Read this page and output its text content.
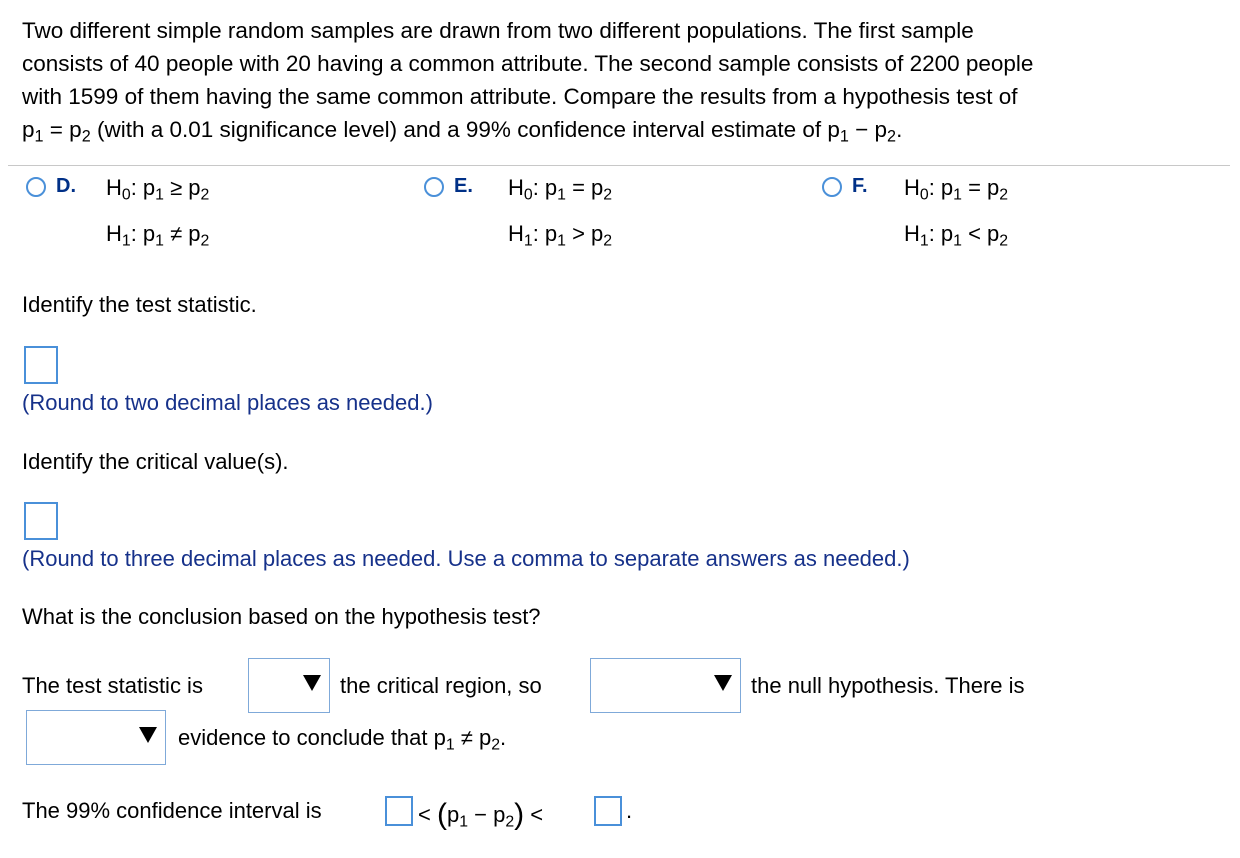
Two different simple random samples are drawn from two different populations. The first sample
consists of 40 people with 20 having a common attribute. The second sample consists of 2200 people
with 1599 of them having the same common attribute. Compare the results from a hypothesis test of
$p_1 = p_2$ (with a 0.01 significance level) and a 99% confidence interval estimate of $p_1 - p_2$.
D. $H_0$: $p_1 \ge p_2$
$H_1$: $p_1 \ne p_2$
E. $H_0$: $p_1 = p_2$
$H_1$: $p_1 > p_2$
F. $H_0$: $p_1 = p_2$
$H_1$: $p_1 < p_2$
Identify the test statistic.
(Round to two decimal places as needed.)
Identify the critical value(s).
(Round to three decimal places as needed. Use a comma to separate answers as needed.)
What is the conclusion based on the hypothesis test?
The test statistic is	the critical region, so	the null hypothesis. There is
evidence to conclude that $p_1 \ne p_2$.
The 99% confidence interval is	< $(p_1 - p_2)$ <	.
